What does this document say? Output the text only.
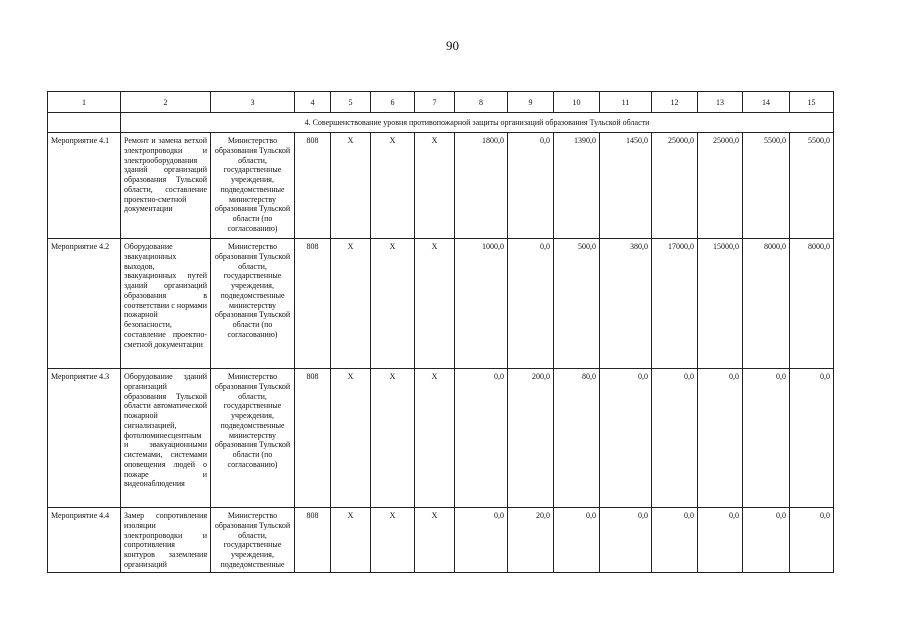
90
1	2	3	4	5	6	7	8	9	10	11	12	13	14	15
	4. Совершенствование уровня противопожарной защиты организаций образования Тульской области													
Мероприятие 4.1	Ремонт и замена ветхой электропроводки и электрооборудования зданий организаций образования Тульской области, составление проектно-сметной документации	Министерство образования Тульской области, государственные учреждения, подведомственные министерству образования Тульской области (по согласованию)	808	X	X	X	1800,0	0,0	1390,0	1450,0	25000,0	25000,0	5500,0	5500,0
Мероприятие 4.2	Оборудование эвакуационных выходов, эвакуационных путей зданий организаций образования в соответствии с нормами пожарной безопасности, составление проектно-сметной документации	Министерство образования Тульской области, государственные учреждения, подведомственные министерству образования Тульской области (по согласованию)	808	X	X	X	1000,0	0,0	500,0	380,0	17000,0	15000,0	8000,0	8000,0
Мероприятие 4.3	Оборудование зданий организаций образования Тульской области автоматической пожарной сигнализацией, фотолюминесцентным и эвакуационными системами, системами оповещения людей о пожаре и видеонаблюдения	Министерство образования Тульской области, государственные учреждения, подведомственные министерству образования Тульской области (по согласованию)	808	X	X	X	0,0	200,0	80,0	0,0	0,0	0,0	0,0	0,0
Мероприятие 4.4	Замер сопротивления изоляции электропроводки и сопротивления контуров заземления организаций	Министерство образования Тульской области, государственные учреждения, подведомственные	808	X	X	X	0,0	20,0	0,0	0,0	0,0	0,0	0,0	0,0
